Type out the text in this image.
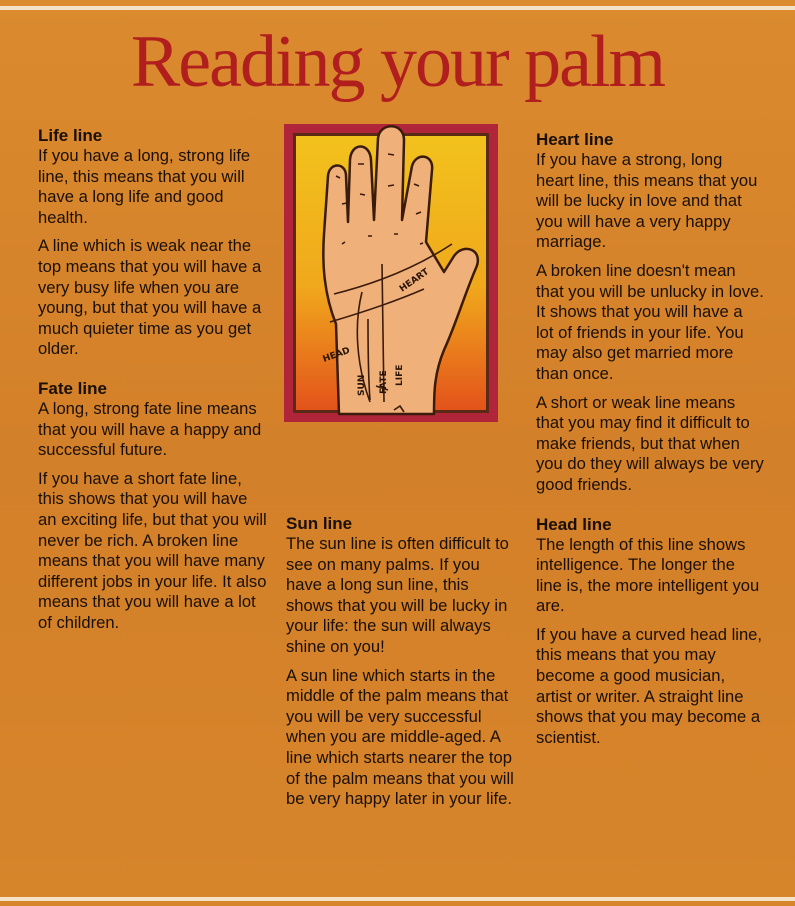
Reading your palm
Life line

If you have a long, strong life line, this means that you will have a long life and good health.

A line which is weak near the top means that you will have a very busy life when you are young, but that you will have a much quieter time as you get older.

Fate line

A long, strong fate line means that you will have a happy and successful future.

If you have a short fate line, this shows that you will have an exciting life, but that you will never be rich. A broken line means that you will have many different jobs in your life. It also means that you will have a lot of children.

HEART
HEAD
SUN FATE LIFE
Sun line

The sun line is often difficult to see on many palms. If you have a long sun line, this shows that you will be lucky in your life: the sun will always shine on you!

A sun line which starts in the middle of the palm means that you will be very successful when you are middle-aged. A line which starts nearer the top of the palm means that you will be very happy later in your life.

Heart line

If you have a strong, long heart line, this means that you will be lucky in love and that you will have a very happy marriage.

A broken line doesn't mean that you will be unlucky in love. It shows that you will have a lot of friends in your life. You may also get married more than once.

A short or weak line means that you may find it difficult to make friends, but that when you do they will always be very good friends.

Head line

The length of this line shows intelligence. The longer the line is, the more intelligent you are.

If you have a curved head line, this means that you may become a good musician, artist or writer. A straight line shows that you may become a scientist.
